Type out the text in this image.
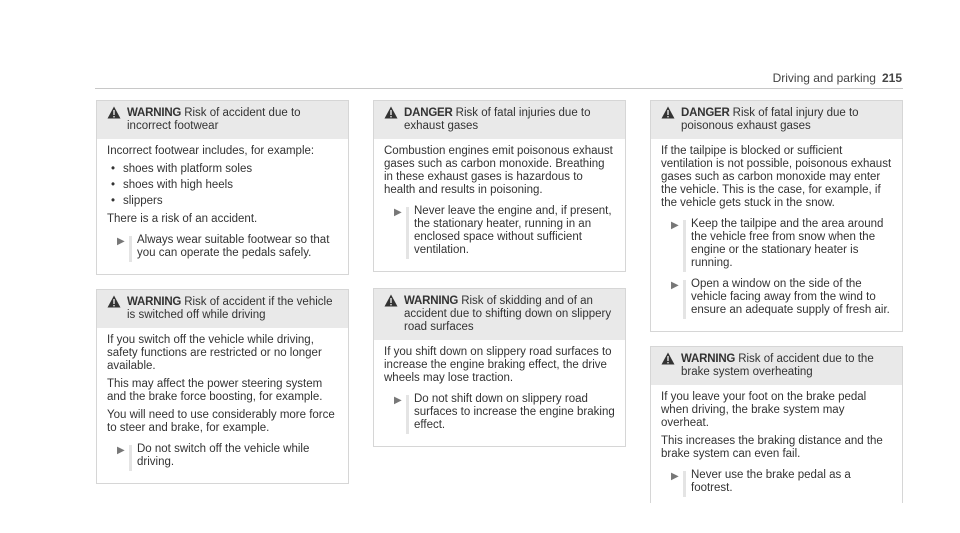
Driving and parking 215
WARNING Risk of accident due to incorrect footwear

Incorrect footwear includes, for example:

• shoes with platform soles
• shoes with high heels
• slippers

There is a risk of an accident.

▶ Always wear suitable footwear so that you can operate the pedals safely.
WARNING Risk of accident if the vehicle is switched off while driving

If you switch off the vehicle while driving, safety functions are restricted or no longer available.

This may affect the power steering system and the brake force boosting, for example.

You will need to use considerably more force to steer and brake, for example.

▶ Do not switch off the vehicle while driving.
DANGER Risk of fatal injuries due to exhaust gases

Combustion engines emit poisonous exhaust gases such as carbon monoxide. Breathing in these exhaust gases is hazardous to health and results in poisoning.

▶ Never leave the engine and, if present, the stationary heater, running in an enclosed space without sufficient ventilation.
WARNING Risk of skidding and of an accident due to shifting down on slippery road surfaces

If you shift down on slippery road surfaces to increase the engine braking effect, the drive wheels may lose traction.

▶ Do not shift down on slippery road surfaces to increase the engine braking effect.
DANGER Risk of fatal injury due to poisonous exhaust gases

If the tailpipe is blocked or sufficient ventilation is not possible, poisonous exhaust gases such as carbon monoxide may enter the vehicle. This is the case, for example, if the vehicle gets stuck in the snow.

▶ Keep the tailpipe and the area around the vehicle free from snow when the engine or the stationary heater is running.
▶ Open a window on the side of the vehicle facing away from the wind to ensure an adequate supply of fresh air.
WARNING Risk of accident due to the brake system overheating

If you leave your foot on the brake pedal when driving, the brake system may overheat.

This increases the braking distance and the brake system can even fail.

▶ Never use the brake pedal as a footrest.
